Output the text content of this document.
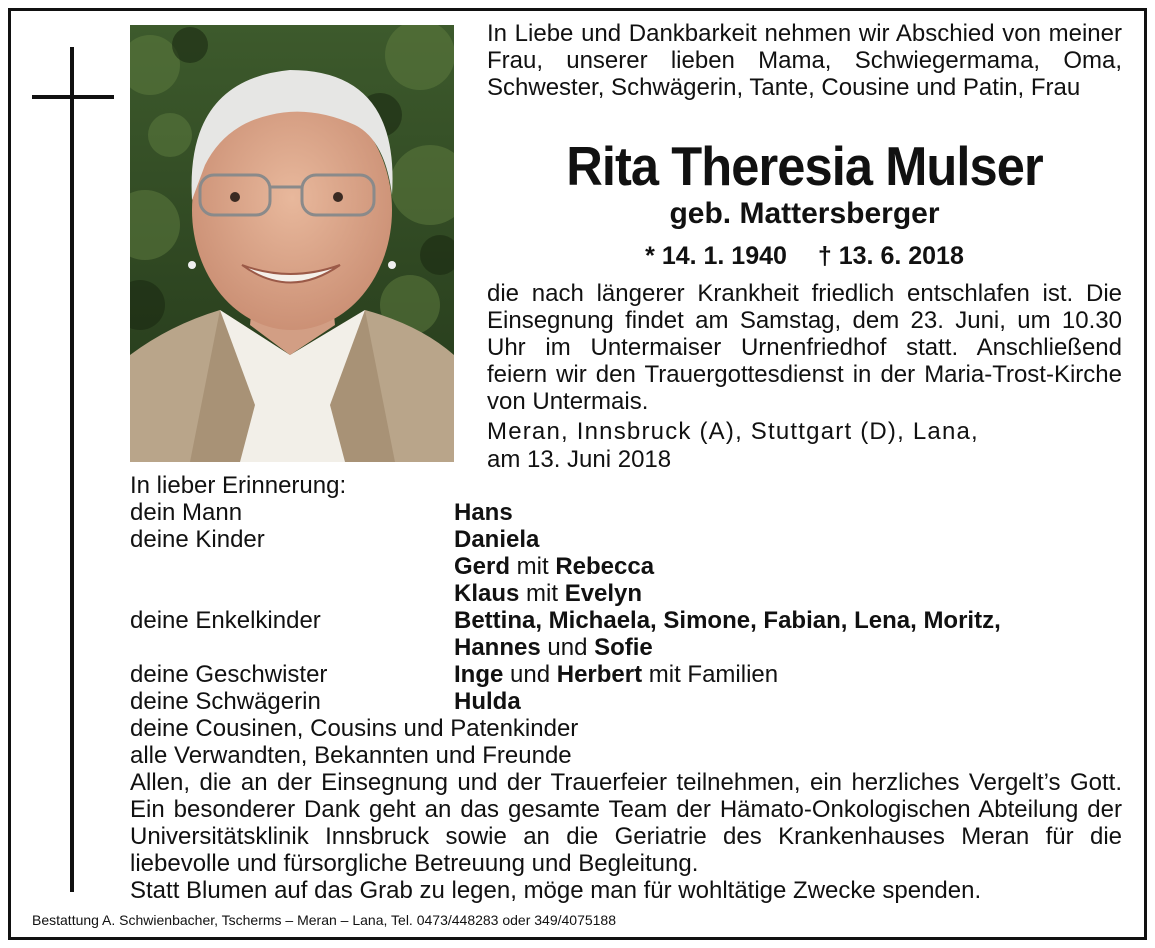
In Liebe und Dankbarkeit nehmen wir Abschied von meiner Frau, unserer lieben Mama, Schwiegermama, Oma, Schwester, Schwägerin, Tante, Cousine und Patin, Frau
Rita Theresia Mulser
geb. Mattersberger
* 14. 1. 1940 † 13. 6. 2018
die nach längerer Krankheit friedlich entschlafen ist. Die Einsegnung findet am Samstag, dem 23. Juni, um 10.30 Uhr im Untermaiser Urnenfriedhof statt. Anschließend feiern wir den Trauergottesdienst in der Maria-Trost-Kirche von Untermais.
Meran, Innsbruck (A), Stuttgart (D), Lana,
am 13. Juni 2018
In lieber Erinnerung:
dein Mann	Hans
deine Kinder	Daniela
Gerd mit Rebecca
Klaus mit Evelyn
deine Enkelkinder	Bettina, Michaela, Simone, Fabian, Lena, Moritz,
Hannes und Sofie
deine Geschwister	Inge und Herbert mit Familien
deine Schwägerin	Hulda
deine Cousinen, Cousins und Patenkinder
alle Verwandten, Bekannten und Freunde
Allen, die an der Einsegnung und der Trauerfeier teilnehmen, ein herzliches Vergelt’s Gott. Ein besonderer Dank geht an das gesamte Team der Hämato-Onkologischen Abteilung der Universitätsklinik Innsbruck sowie an die Geriatrie des Krankenhauses Meran für die liebevolle und fürsorgliche Betreuung und Begleitung.
Statt Blumen auf das Grab zu legen, möge man für wohltätige Zwecke spenden.
Bestattung A. Schwienbacher, Tscherms – Meran – Lana, Tel. 0473/448283 oder 349/4075188
